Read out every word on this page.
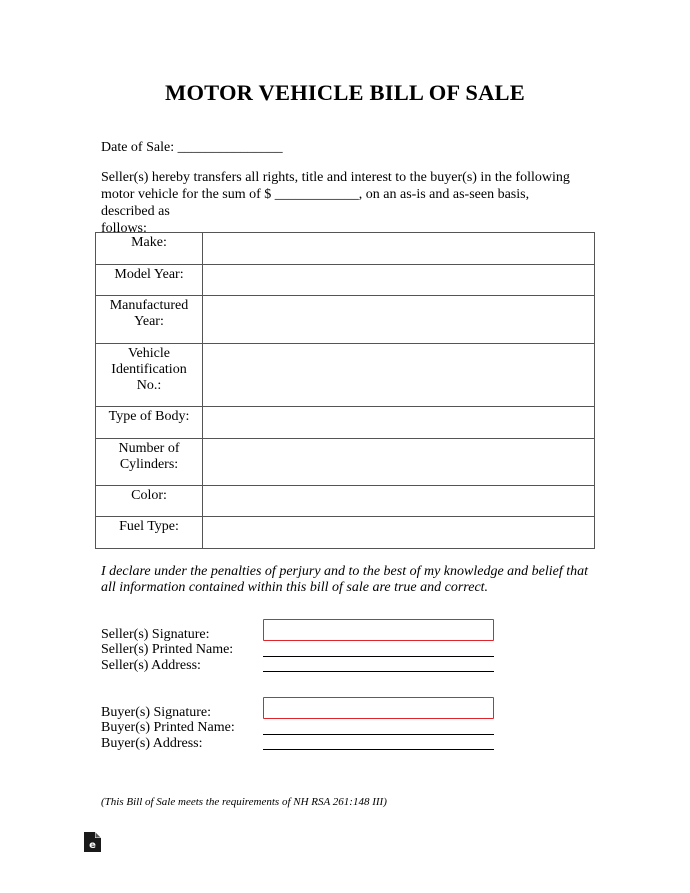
MOTOR VEHICLE BILL OF SALE
Date of Sale: _______________
Seller(s) hereby transfers all rights, title and interest to the buyer(s) in the following
motor vehicle for the sum of $ ____________, on an as-is and as-seen basis, described as
follows:
Make:	

Model Year:	

Manufactured
Year:	

Vehicle
Identification
No.:	

Type of Body:	

Number of
Cylinders:	

Color:	

Fuel Type:	

I declare under the penalties of perjury and to the best of my knowledge and belief that
all information contained within this bill of sale are true and correct.
Seller(s) Signature:
Seller(s) Printed Name:
Seller(s) Address:
Buyer(s) Signature:
Buyer(s) Printed Name:
Buyer(s) Address:
(This Bill of Sale meets the requirements of NH RSA 261:148 III)
e
